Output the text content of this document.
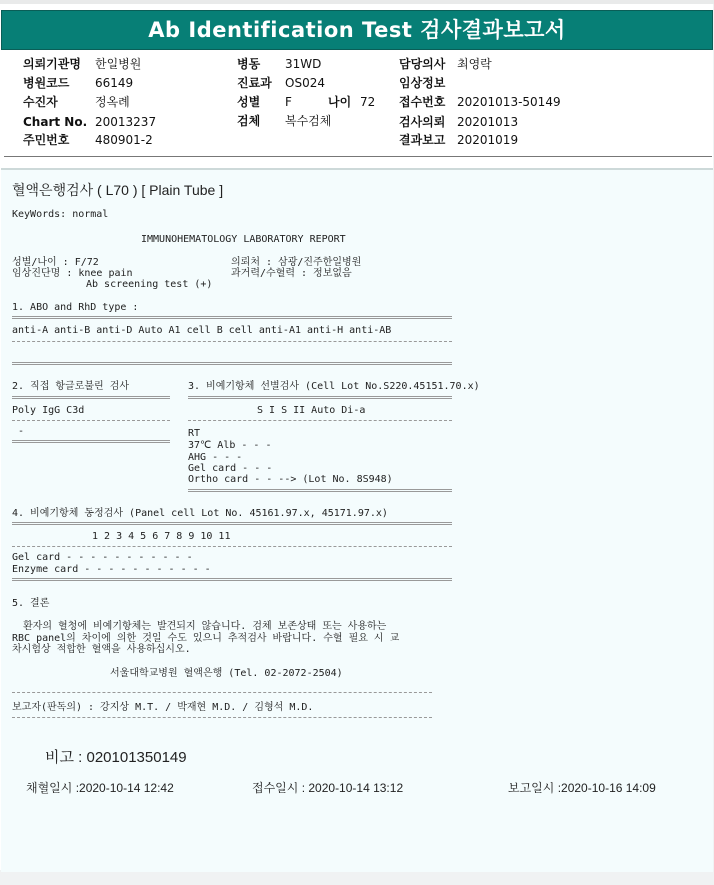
Ab Identification Test 검사결과보고서
의뢰기관명 한일병원
병원코드 66149
수진자	정옥례
Chart No. 20013237
주민번호 480901-2
병동 31WD
진료과 OS024
성별 F	나이 72
검체 복수검체
담당의사 최영락
임상정보
접수번호 20201013-50149
검사의뢰 20201013
결과보고 20201019
혈액은행검사 ( L70 ) [ Plain Tube ]
KeyWords: normal
IMMUNOHEMATOLOGY LABORATORY REPORT
성별/나이 : F/72
임상진단명 : knee pain
Ab screening test (+)
의뢰처 : 삼광/진주한일병원
과거력/수혈력 : 정보없음
1. ABO and RhD type :
anti-A anti-B anti-D Auto A1 cell B cell anti-A1 anti-H anti-AB
2. 직접 항글로불린 검사
Poly IgG C3d
-
3. 비예기항체 선별검사 (Cell Lot No.S220.45151.70.x)
S I S II Auto Di-a
RT
37℃ Alb - - -
AHG - - -
Gel card - - -
Ortho card - - --> (Lot No. 8S948)
4. 비예기항체 동정검사 (Panel cell Lot No. 45161.97.x, 45171.97.x)
1 2 3 4 5 6 7 8 9 10 11
Gel card - - - - - - - - - - -
Enzyme card - - - - - - - - - - -
5. 결론
환자의 혈청에 비예기항체는 발견되지 않습니다. 검체 보존상태 또는 사용하는
RBC panel의 차이에 의한 것일 수도 있으니 추적검사 바랍니다. 수혈 필요 시 교
차시험상 적합한 혈액을 사용하십시오.
서울대학교병원 혈액은행 (Tel. 02-2072-2504)
보고자(판독의) : 강지상 M.T. / 박재현 M.D. / 김형석 M.D.
비고 : 020101350149
채혈일시 :2020-10-14 12:42	접수일시 : 2020-10-14 13:12	보고일시 :2020-10-16 14:09
